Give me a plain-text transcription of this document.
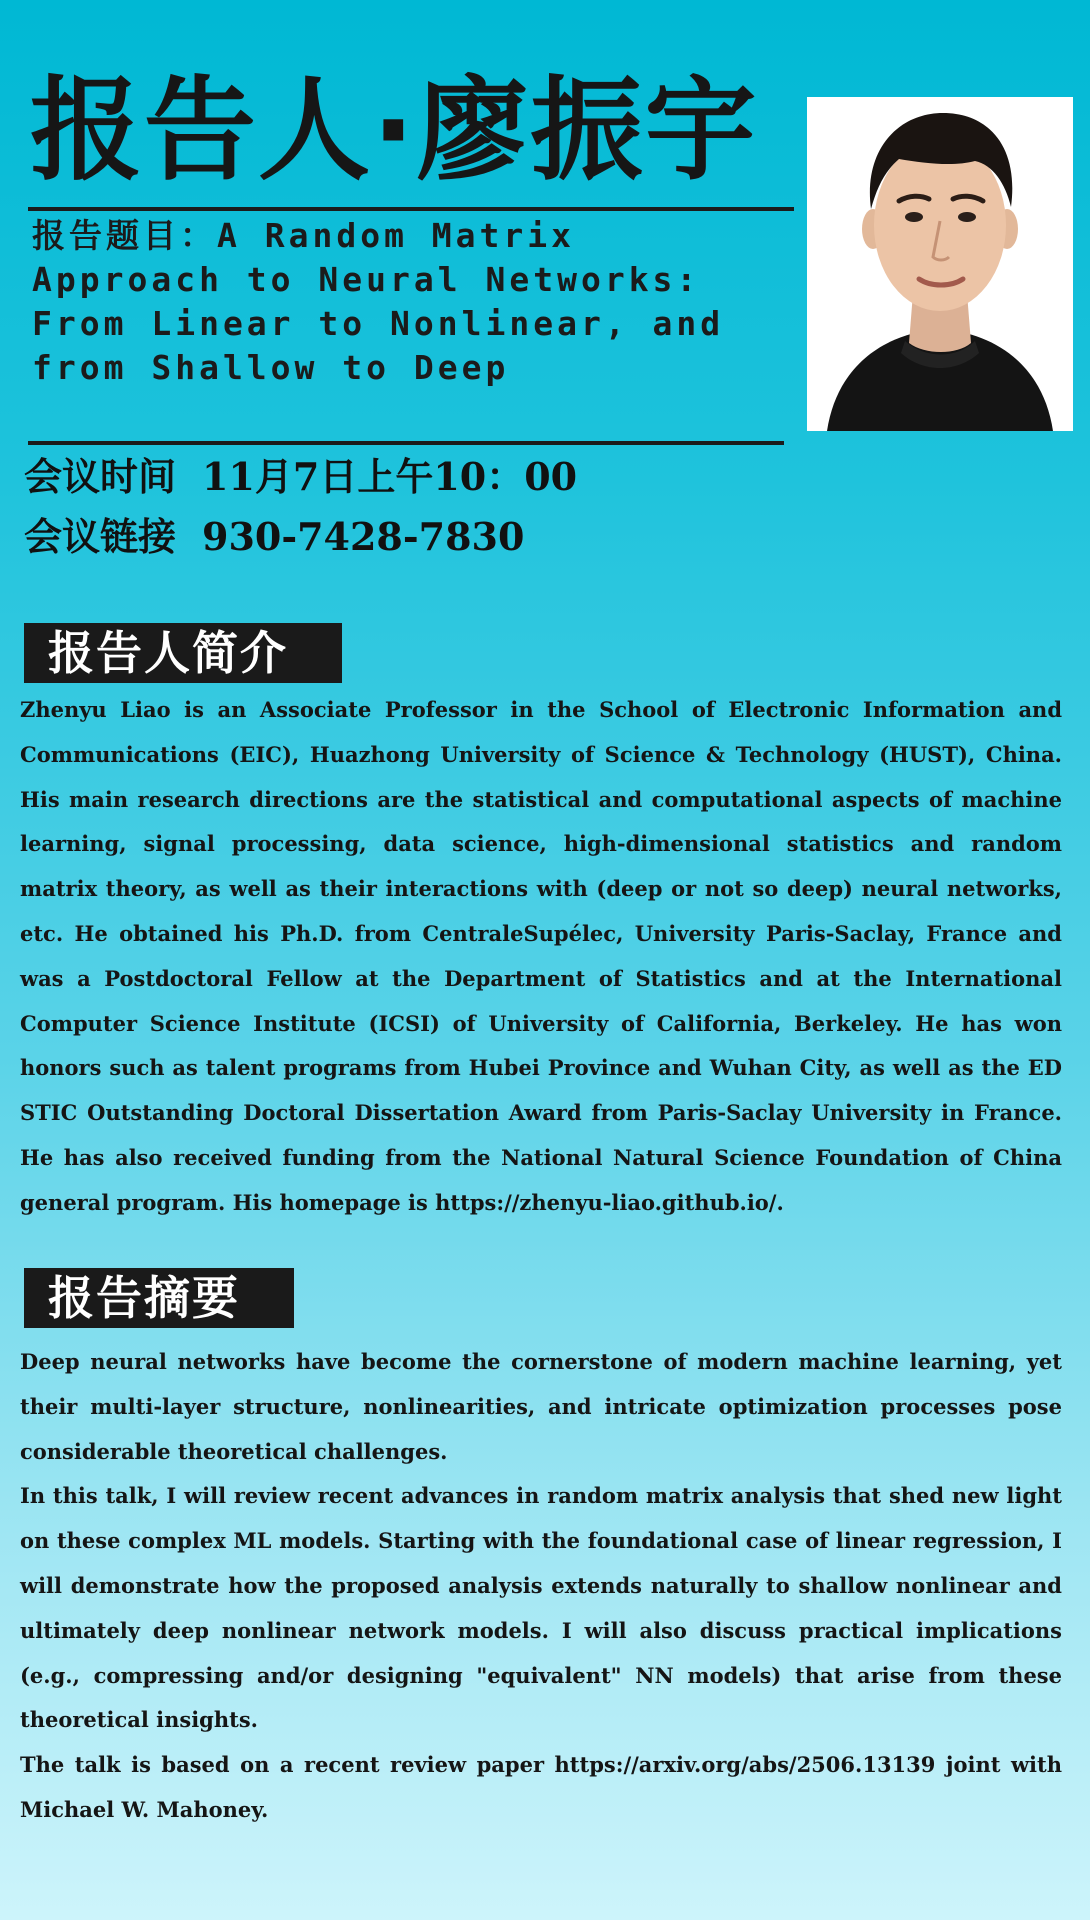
报告人·廖振宇

报告题目：A Random Matrix Approach to Neural Networks: From Linear to Nonlinear, and from Shallow to Deep

会议时间 11月7日上午10：00

会议链接 930-7428-7830

报告人简介

Zhenyu Liao is an Associate Professor in the School of Electronic Information and Communications (EIC), Huazhong University of Science & Technology (HUST), China. His main research directions are the statistical and computational aspects of machine learning, signal processing, data science, high-dimensional statistics and random matrix theory, as well as their interactions with (deep or not so deep) neural networks, etc. He obtained his Ph.D. from CentraleSupélec, University Paris-Saclay, France and was a Postdoctoral Fellow at the Department of Statistics and at the International Computer Science Institute (ICSI) of University of California, Berkeley. He has won honors such as talent programs from Hubei Province and Wuhan City, as well as the ED STIC Outstanding Doctoral Dissertation Award from Paris-Saclay University in France. He has also received funding from the National Natural Science Foundation of China general program. His homepage is https://zhenyu-liao.github.io/.

报告摘要

Deep neural networks have become the cornerstone of modern machine learning, yet their multi-layer structure, nonlinearities, and intricate optimization processes pose considerable theoretical challenges.

In this talk, I will review recent advances in random matrix analysis that shed new light on these complex ML models. Starting with the foundational case of linear regression, I will demonstrate how the proposed analysis extends naturally to shallow nonlinear and ultimately deep nonlinear network models. I will also discuss practical implications (e.g., compressing and/or designing "equivalent" NN models) that arise from these theoretical insights.

The talk is based on a recent review paper https://arxiv.org/abs/2506.13139 joint with Michael W. Mahoney.
